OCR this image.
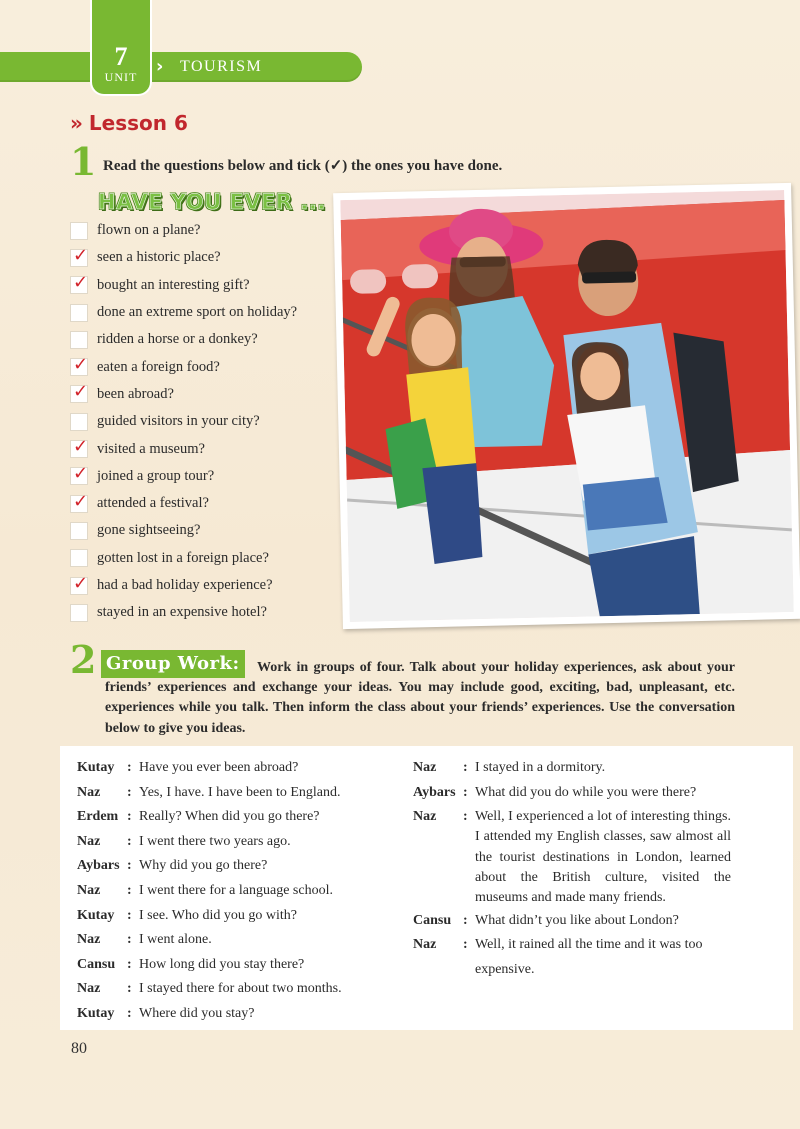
7
UNIT	›	TOURISM
» Lesson 6
1 Read the questions below and tick (✓) the ones you have done.
HAVE YOU EVER ...
flown on a plane?
✓ seen a historic place?
✓ bought an interesting gift?
done an extreme sport on holiday?
ridden a horse or a donkey?
✓ eaten a foreign food?
✓ been abroad?
guided visitors in your city?
✓ visited a museum?
✓ joined a group tour?
✓ attended a festival?
gone sightseeing?
gotten lost in a foreign place?
✓ had a bad holiday experience?
stayed in an expensive hotel?
2	Work in groups of four. Talk about your holiday experiences, ask about your friends’ experiences and exchange your ideas. You may include good, exciting, bad, unpleasant, etc. experiences while you talk. Then inform the class about your friends’ experiences. Use the conversation below to give you ideas.
Group Work:
Kutay : Have you ever been abroad?
Naz	: Yes, I have. I have been to England.
Erdem : Really? When did you go there?
Naz	: I went there two years ago.
Aybars : Why did you go there?
Naz	: I went there for a language school.
Kutay : I see. Who did you go with?
Naz	: I went alone.
Cansu : How long did you stay there?
Naz	: I stayed there for about two months.
Kutay : Where did you stay?
Naz	: I stayed in a dormitory.
Aybars : What did you do while you were there?
Naz	: Well, I experienced a lot of interesting things. I attended my English classes, saw almost all the tourist destinations in London, learned about the British culture, visited the museums and made many friends.
Cansu : What didn’t you like about London?
Naz	: Well, it rained all the time and it was too expensive.
80
